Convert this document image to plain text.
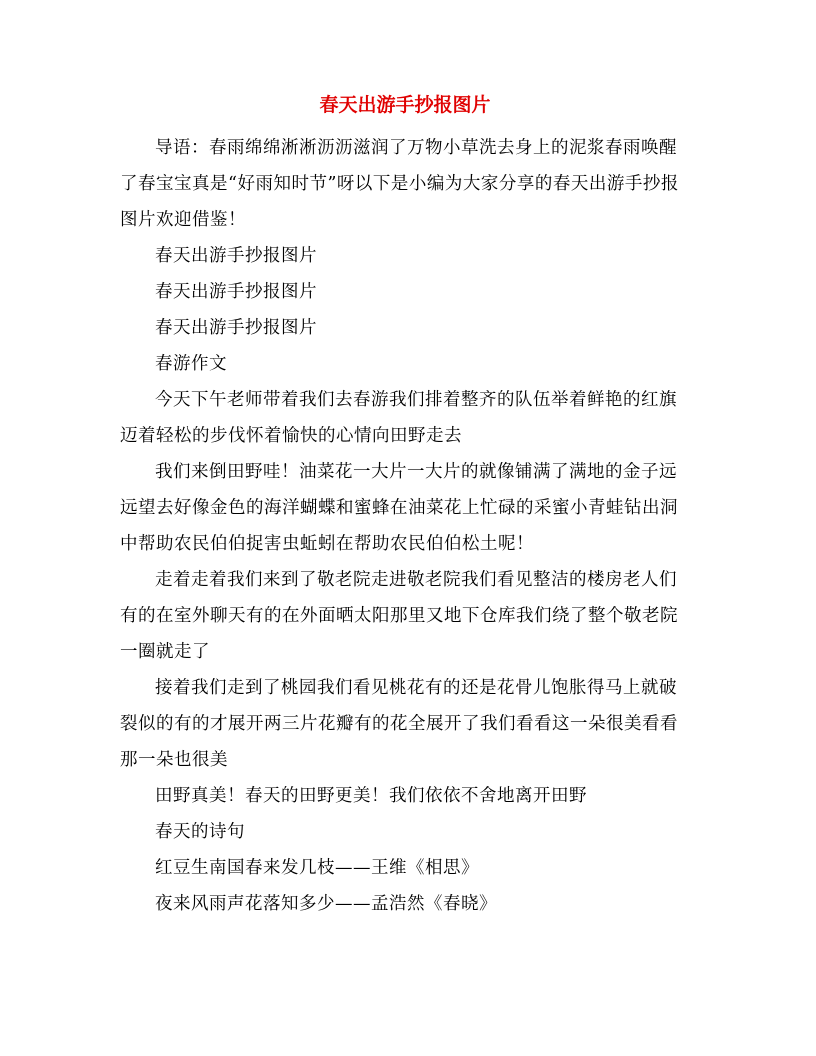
春天出游手抄报图片

导语：春雨绵绵淅淅沥沥滋润了万物小草洗去身上的泥浆春雨唤醒了春宝宝真是“好雨知时节”呀以下是小编为大家分享的春天出游手抄报图片欢迎借鉴！

春天出游手抄报图片

春天出游手抄报图片

春天出游手抄报图片

春游作文

今天下午老师带着我们去春游我们排着整齐的队伍举着鲜艳的红旗迈着轻松的步伐怀着愉快的心情向田野走去

我们来倒田野哇！油菜花一大片一大片的就像铺满了满地的金子远远望去好像金色的海洋蝴蝶和蜜蜂在油菜花上忙碌的采蜜小青蛙钻出洞中帮助农民伯伯捉害虫蚯蚓在帮助农民伯伯松土呢！

走着走着我们来到了敬老院走进敬老院我们看见整洁的楼房老人们有的在室外聊天有的在外面晒太阳那里又地下仓库我们绕了整个敬老院一圈就走了

接着我们走到了桃园我们看见桃花有的还是花骨儿饱胀得马上就破裂似的有的才展开两三片花瓣有的花全展开了我们看看这一朵很美看看那一朵也很美

田野真美！春天的田野更美！我们依依不舍地离开田野

春天的诗句

红豆生南国春来发几枝——王维《相思》

夜来风雨声花落知多少——孟浩然《春晓》
